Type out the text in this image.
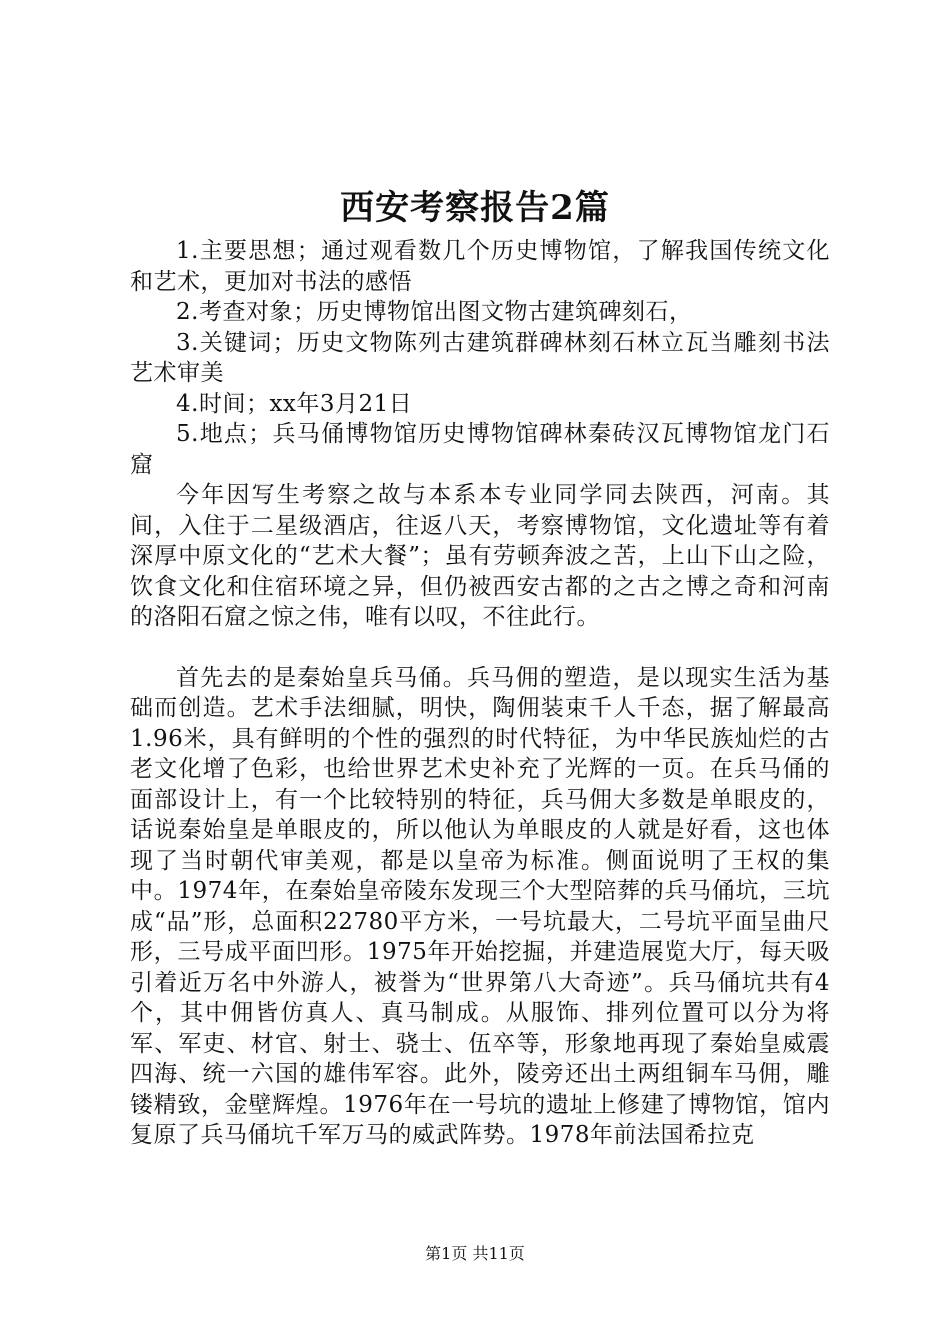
西安考察报告2篇

1.主要思想；通过观看数几个历史博物馆，了解我国传统文化和艺术，更加对书法的感悟

2.考查对象；历史博物馆出图文物古建筑碑刻石，

3.关键词；历史文物陈列古建筑群碑林刻石林立瓦当雕刻书法艺术审美

4.时间；xx年3月21日

5.地点；兵马俑博物馆历史博物馆碑林秦砖汉瓦博物馆龙门石窟

今年因写生考察之故与本系本专业同学同去陕西，河南。其间，入住于二星级酒店，往返八天，考察博物馆，文化遗址等有着深厚中原文化的“艺术大餐”；虽有劳顿奔波之苦，上山下山之险，饮食文化和住宿环境之异，但仍被西安古都的之古之博之奇和河南的洛阳石窟之惊之伟，唯有以叹，不往此行。

首先去的是秦始皇兵马俑。兵马佣的塑造，是以现实生活为基础而创造。艺术手法细腻，明快，陶佣装束千人千态，据了解最高1.96米，具有鲜明的个性的强烈的时代特征，为中华民族灿烂的古老文化增了色彩，也给世界艺术史补充了光辉的一页。在兵马俑的面部设计上，有一个比较特别的特征，兵马佣大多数是单眼皮的，话说秦始皇是单眼皮的，所以他认为单眼皮的人就是好看，这也体现了当时朝代审美观，都是以皇帝为标准。侧面说明了王权的集中。1974年，在秦始皇帝陵东发现三个大型陪葬的兵马俑坑，三坑成“品”形，总面积22780平方米，一号坑最大，二号坑平面呈曲尺形，三号成平面凹形。1975年开始挖掘，并建造展览大厅，每天吸引着近万名中外游人，被誉为“世界第八大奇迹”。兵马俑坑共有4个，其中佣皆仿真人、真马制成。从服饰、排列位置可以分为将军、军吏、材官、射士、骁士、伍卒等，形象地再现了秦始皇威震四海、统一六国的雄伟军容。此外，陵旁还出土两组铜车马佣，雕镂精致，金壁辉煌。1976年在一号坑的遗址上修建了博物馆，馆内复原了兵马俑坑千军万马的威武阵势。1978年前法国希拉克

第1页 共11页
